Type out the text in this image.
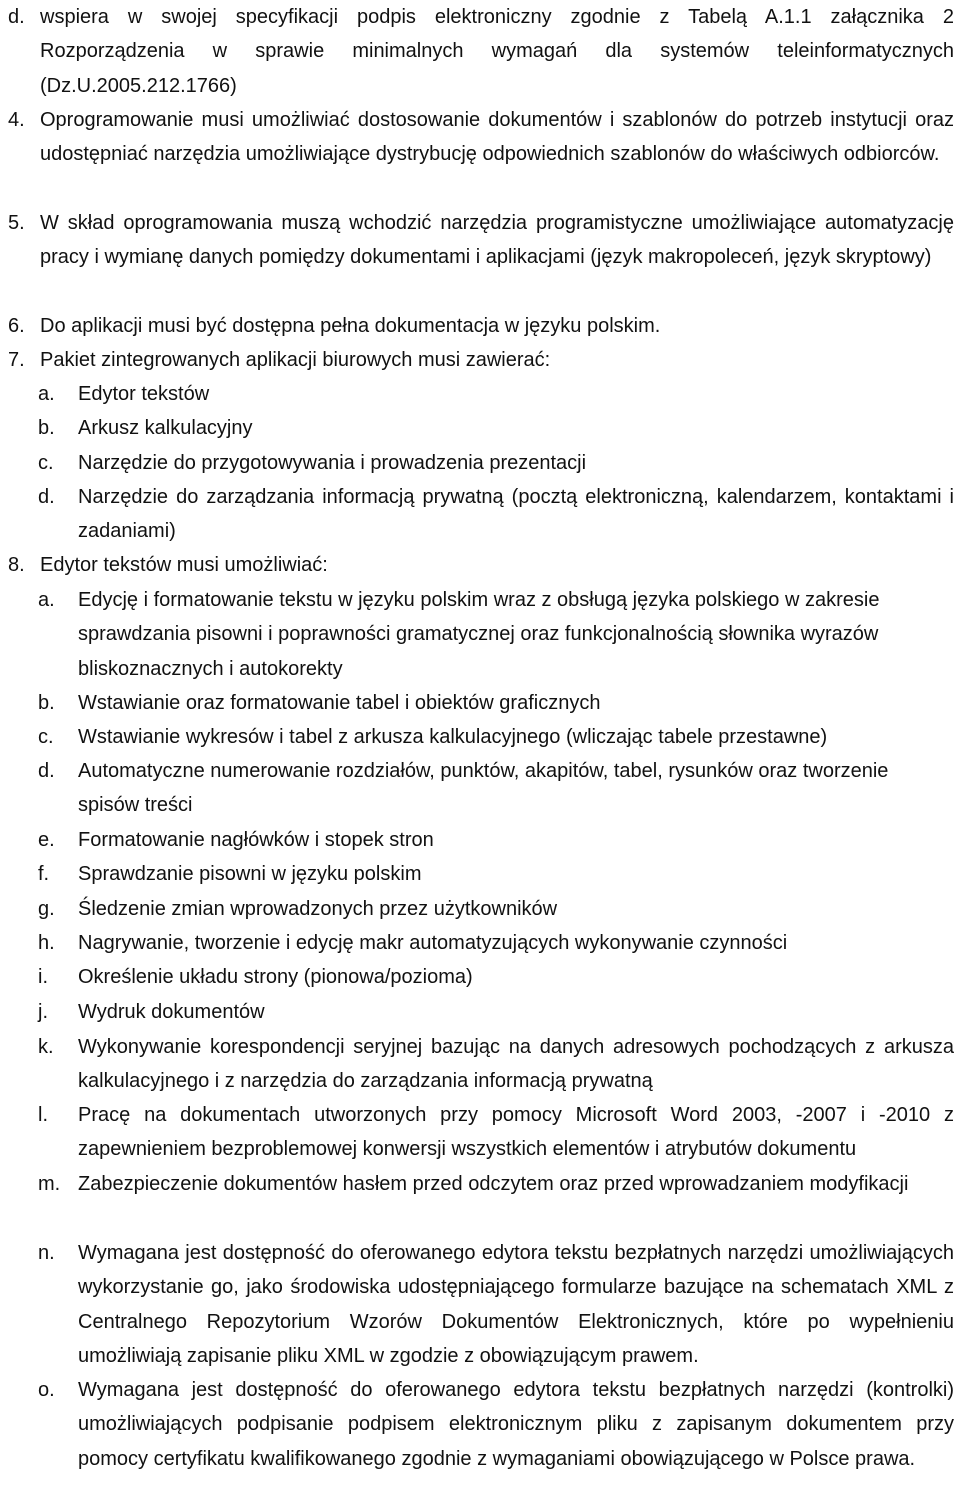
d. wspiera w swojej specyfikacji podpis elektroniczny zgodnie z Tabelą A.1.1 załącznika 2 Rozporządzenia w sprawie minimalnych wymagań dla systemów teleinformatycznych (Dz.U.2005.212.1766)
4. Oprogramowanie musi umożliwiać dostosowanie dokumentów i szablonów do potrzeb instytucji oraz udostępniać narzędzia umożliwiające dystrybucję odpowiednich szablonów do właściwych odbiorców.
5. W skład oprogramowania muszą wchodzić narzędzia programistyczne umożliwiające automatyzację pracy i wymianę danych pomiędzy dokumentami i aplikacjami (język makropoleceń, język skryptowy)
6. Do aplikacji musi być dostępna pełna dokumentacja w języku polskim.
7. Pakiet zintegrowanych aplikacji biurowych musi zawierać:
a. Edytor tekstów
b. Arkusz kalkulacyjny
c. Narzędzie do przygotowywania i prowadzenia prezentacji
d. Narzędzie do zarządzania informacją prywatną (pocztą elektroniczną, kalendarzem, kontaktami i zadaniami)
8. Edytor tekstów musi umożliwiać:
a. Edycję i formatowanie tekstu w języku polskim wraz z obsługą języka polskiego w zakresie sprawdzania pisowni i poprawności gramatycznej oraz funkcjonalnością słownika wyrazów bliskoznacznych i autokorekty
b. Wstawianie oraz formatowanie tabel i obiektów graficznych
c. Wstawianie wykresów i tabel z arkusza kalkulacyjnego (wliczając tabele przestawne)
d. Automatyczne numerowanie rozdziałów, punktów, akapitów, tabel, rysunków oraz tworzenie spisów treści
e. Formatowanie nagłówków i stopek stron
f. Sprawdzanie pisowni w języku polskim
g. Śledzenie zmian wprowadzonych przez użytkowników
h. Nagrywanie, tworzenie i edycję makr automatyzujących wykonywanie czynności
i. Określenie układu strony (pionowa/pozioma)
j. Wydruk dokumentów
k. Wykonywanie korespondencji seryjnej bazując na danych adresowych pochodzących z arkusza kalkulacyjnego i z narzędzia do zarządzania informacją prywatną
l. Pracę na dokumentach utworzonych przy pomocy Microsoft Word 2003, -2007 i -2010 z zapewnieniem bezproblemowej konwersji wszystkich elementów i atrybutów dokumentu
m. Zabezpieczenie dokumentów hasłem przed odczytem oraz przed wprowadzaniem modyfikacji
n. Wymagana jest dostępność do oferowanego edytora tekstu bezpłatnych narzędzi umożliwiających wykorzystanie go, jako środowiska udostępniającego formularze bazujące na schematach XML z Centralnego Repozytorium Wzorów Dokumentów Elektronicznych, które po wypełnieniu umożliwiają zapisanie pliku XML w zgodzie z obowiązującym prawem.
o. Wymagana jest dostępność do oferowanego edytora tekstu bezpłatnych narzędzi (kontrolki) umożliwiających podpisanie podpisem elektronicznym pliku z zapisanym dokumentem przy pomocy certyfikatu kwalifikowanego zgodnie z wymaganiami obowiązującego w Polsce prawa.
